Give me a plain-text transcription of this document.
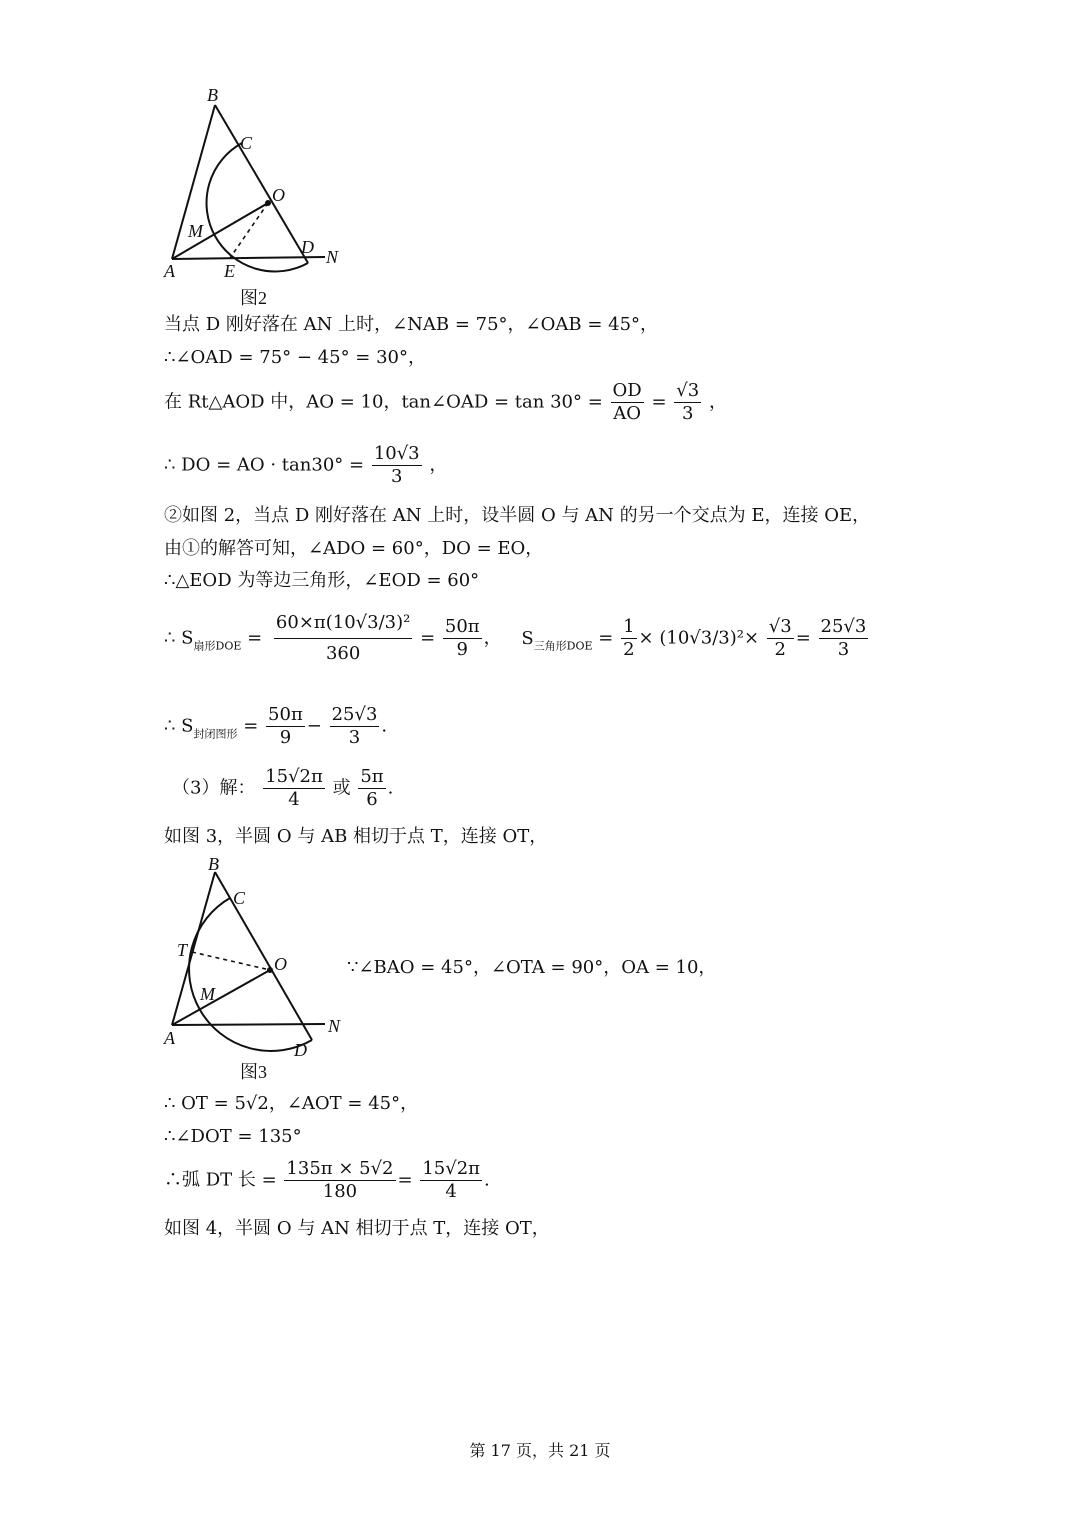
B
C
O
M
D N
A	E
图2
当点 D 刚好落在 AN 上时，∠NAB = 75°，∠OAB = 45°，
∴∠OAD = 75° − 45° = 30°，
在 Rt△AOD 中，AO = 10，tan∠OAD = $\tan 30^\circ = \frac{OD}{AO} = \frac{√3}{3}$ ，
∴ DO = AO · $\tan 30^\circ = \frac{10√3}{3}$ ，
②如图 2，当点 D 刚好落在 AN 上时，设半圆 O 与 AN 的另一个交点为 E，连接 OE，
由①的解答可知，∠ADO = 60°，DO = EO，
∴△EOD 为等边三角形，∠EOD = 60°
∴ $S_{扇形DOE} = \frac{\text{60×π(10√3/3)²}}{360} = \frac{50\pi}{9}$ ， $S_{三角形DOE} = \frac{1}{2} \times (10√3/3)^2\times \frac{√3}{2} = \frac{25√3}{3}$
∴ $S_{封闭图形} = \frac{50\pi}{9} - \frac{25√3}{3}$ .
（3）解： $\frac{15√2\pi}{4}$ 或 $\frac{5\pi}{6}$ .
如图 3，半圆 O 与 AB 相切于点 T，连接 OT，
B
C
T
O
M
N
A
D
∵∠BAO = 45°，∠OTA = 90°，OA = 10，
图3
∴ OT = 5√2，∠AOT = 45°，
∴∠DOT = 135°
∴弧 DT 长 = $\frac{135\pi \times 5√2}{180} = \frac{15√2\pi}{4}$ .
如图 4，半圆 O 与 AN 相切于点 T，连接 OT，
第 17 页，共 21 页
